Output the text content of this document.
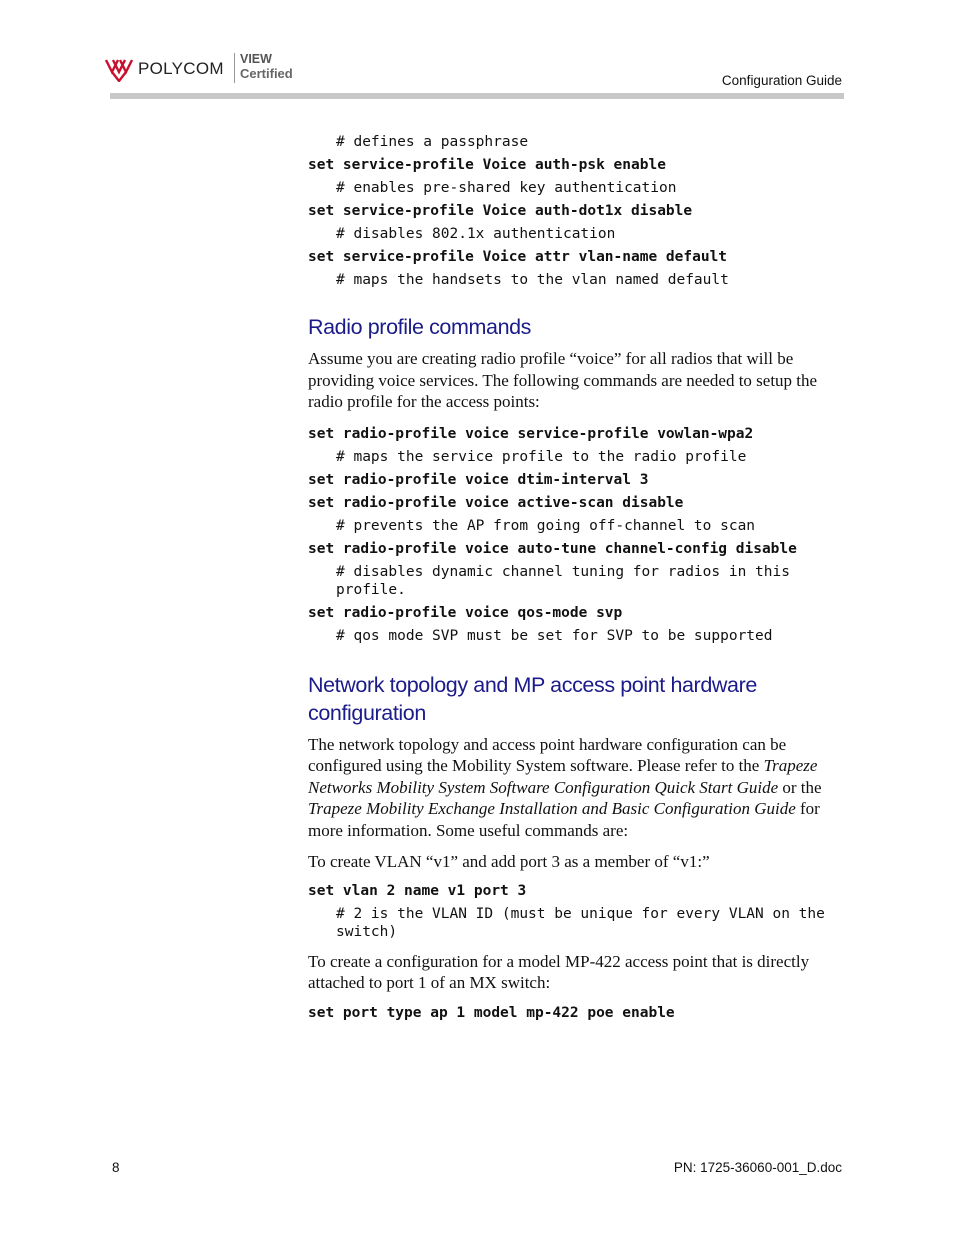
POLYCOM VIEW
Certified	Configuration Guide

# defines a passphrase

set service-profile Voice auth-psk enable

# enables pre-shared key authentication

set service-profile Voice auth-dot1x disable

# disables 802.1x authentication

set service-profile Voice attr vlan-name default

# maps the handsets to the vlan named default

Radio profile commands

Assume you are creating radio profile “voice” for all radios that will be providing voice services. The following commands are needed to setup the radio profile for the access points:

set radio-profile voice service-profile vowlan-wpa2

# maps the service profile to the radio profile

set radio-profile voice dtim-interval 3

set radio-profile voice active-scan disable

# prevents the AP from going off-channel to scan

set radio-profile voice auto-tune channel-config disable

# disables dynamic channel tuning for radios in this profile.

set radio-profile voice qos-mode svp

# qos mode SVP must be set for SVP to be supported

Network topology and MP access point hardware configuration

The network topology and access point hardware configuration can be configured using the Mobility System software. Please refer to the Trapeze Networks Mobility System Software Configuration Quick Start Guide or the Trapeze Mobility Exchange Installation and Basic Configuration Guide for more information. Some useful commands are:

To create VLAN “v1” and add port 3 as a member of “v1:”

set vlan 2 name v1 port 3

# 2 is the VLAN ID (must be unique for every VLAN on the switch)

To create a configuration for a model MP-422 access point that is directly attached to port 1 of an MX switch:

set port type ap 1 model mp-422 poe enable

8	PN: 1725-36060-001_D.doc
